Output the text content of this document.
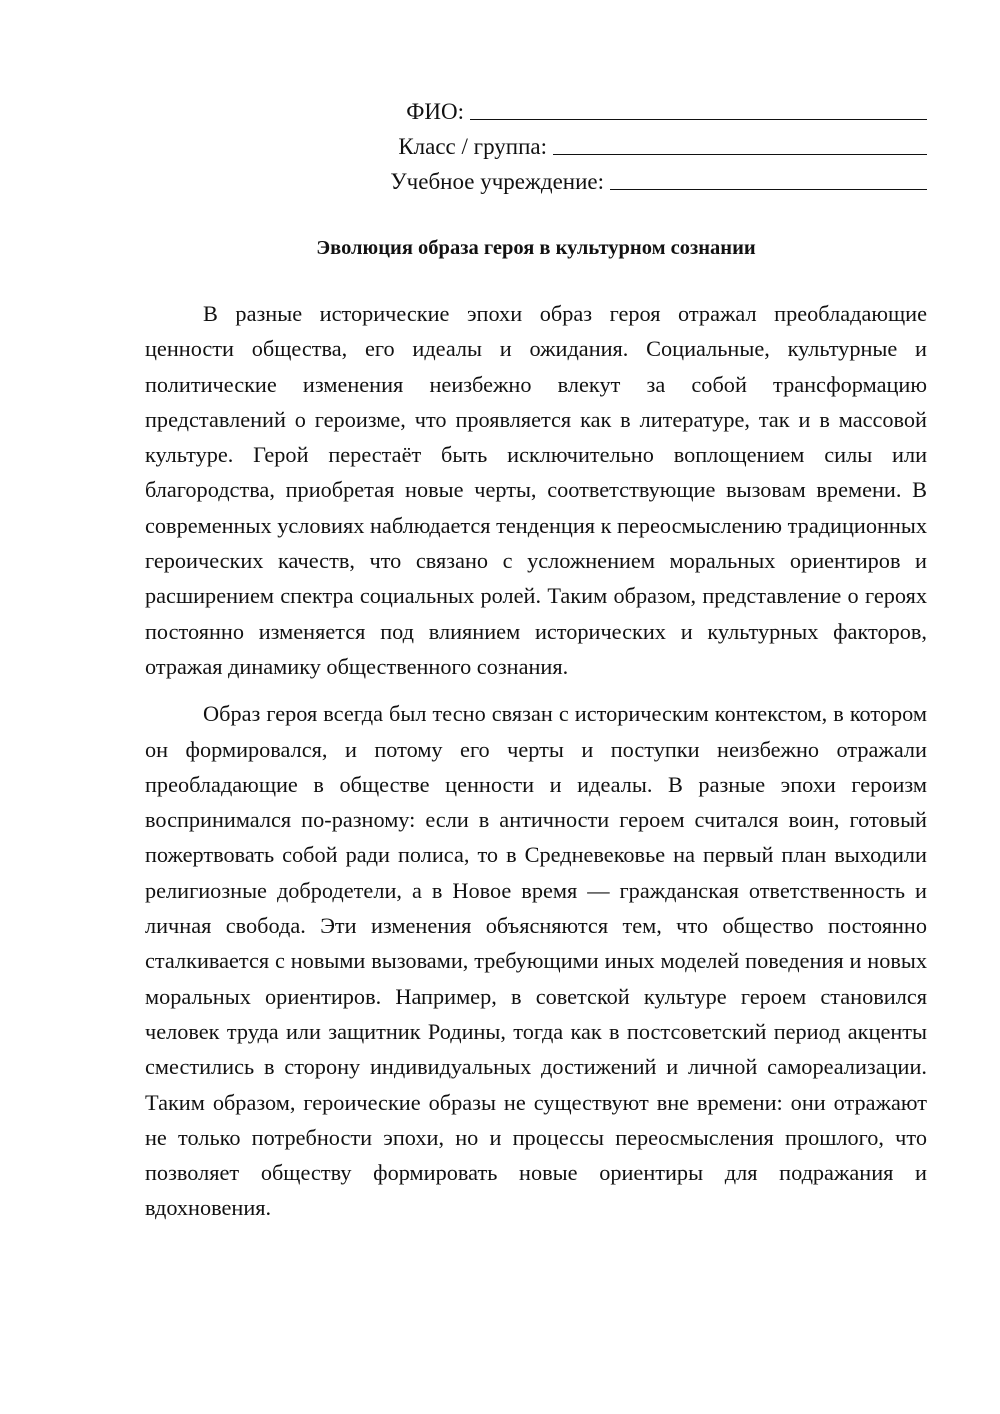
ФИО:
Класс / группа:
Учебное учреждение:
Эволюция образа героя в культурном сознании

В разные исторические эпохи образ героя отражал преобладающие ценности общества, его идеалы и ожидания. Социальные, культурные и политические изменения неизбежно влекут за собой трансформацию представлений о героизме, что проявляется как в литературе, так и в массовой культуре. Герой перестаёт быть исключительно воплощением силы или благородства, приобретая новые черты, соответствующие вызовам времени. В современных условиях наблюдается тенденция к переосмыслению традиционных героических качеств, что связано с усложнением моральных ориентиров и расширением спектра социальных ролей. Таким образом, представление о героях постоянно изменяется под влиянием исторических и культурных факторов, отражая динамику общественного сознания.

Образ героя всегда был тесно связан с историческим контекстом, в котором он формировался, и потому его черты и поступки неизбежно отражали преобладающие в обществе ценности и идеалы. В разные эпохи героизм воспринимался по-разному: если в античности героем считался воин, готовый пожертвовать собой ради полиса, то в Средневековье на первый план выходили религиозные добродетели, а в Новое время — гражданская ответственность и личная свобода. Эти изменения объясняются тем, что общество постоянно сталкивается с новыми вызовами, требующими иных моделей поведения и новых моральных ориентиров. Например, в советской культуре героем становился человек труда или защитник Родины, тогда как в постсоветский период акценты сместились в сторону индивидуальных достижений и личной самореализации. Таким образом, героические образы не существуют вне времени: они отражают не только потребности эпохи, но и процессы переосмысления прошлого, что позволяет обществу формировать новые ориентиры для подражания и вдохновения.
